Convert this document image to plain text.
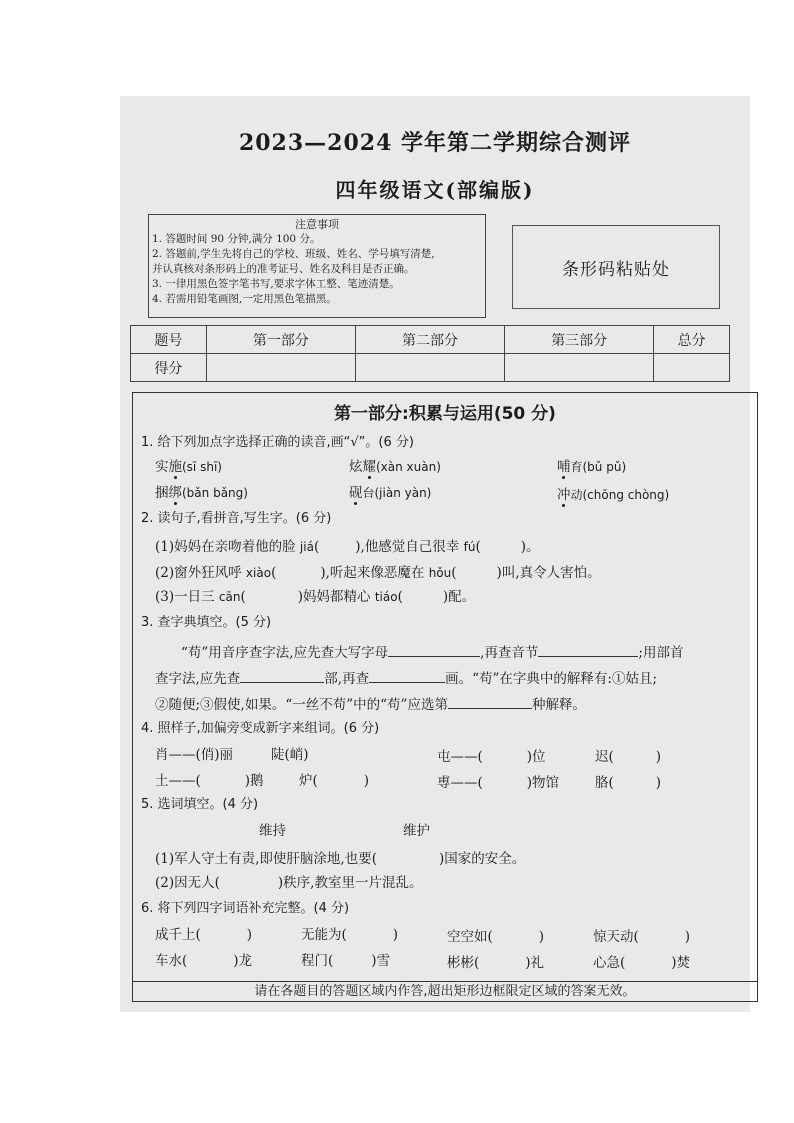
2023—2024 学年第二学期综合测评
四年级语文(部编版)
注意事项
1. 答题时间 90 分钟,满分 100 分。
2. 答题前,学生先将自己的学校、班级、姓名、学号填写清楚,
并认真核对条形码上的准考证号、姓名及科目是否正确。
3. 一律用黑色签字笔书写,要求字体工整、笔迹清楚。
4. 若需用铅笔画图,一定用黑色笔描黑。
条形码粘贴处
题号	第一部分	第二部分	第三部分	总分
得分				
第一部分:积累与运用(50 分)
1. 给下列加点字选择正确的读音,画“√”。(6 分)
实施(sī shī)	炫耀(xàn xuàn)	哺育(bǔ pǔ)
捆绑(bǎn bǎng)	砚台(jiàn yàn)	冲动(chōng chòng)
2. 读句子,看拼音,写生字。(6 分)
(1)妈妈在亲吻着他的脸 jiá(	),他感觉自己很幸 fú(	)。
(2)窗外狂风呼 xiào(	),听起来像恶魔在 hǒu(	)叫,真令人害怕。
(3)一日三 cān(	)妈妈都精心 tiáo(	)配。
3. 查字典填空。(5 分)
“苟”用音序查字法,应先查大写字母	,再查音节	;用部首
查字法,应先查	部,再查	画。“苟”在字典中的解释有:①姑且;
②随便;③假使,如果。“一丝不苟”中的“苟”应选第	种解释。
4. 照样子,加偏旁变成新字来组词。(6 分)
肖——(俏)丽	陡(峭)	屯——(	)位	迟(	)
土——(	)鹅	炉(	)	尃——(	)物馆	胳(	)
5. 选词填空。(4 分)
维持	维护
(1)军人守土有责,即使肝脑涂地,也要(	)国家的安全。
(2)因无人(	)秩序,教室里一片混乱。
6. 将下列四字词语补充完整。(4 分)
成千上(	)	无能为(	)	空空如(	)	惊天动(	)
车水(	)龙	程门(	)雪	彬彬(	)礼	心急(	)焚
请在各题目的答题区域内作答,超出矩形边框限定区域的答案无效。
